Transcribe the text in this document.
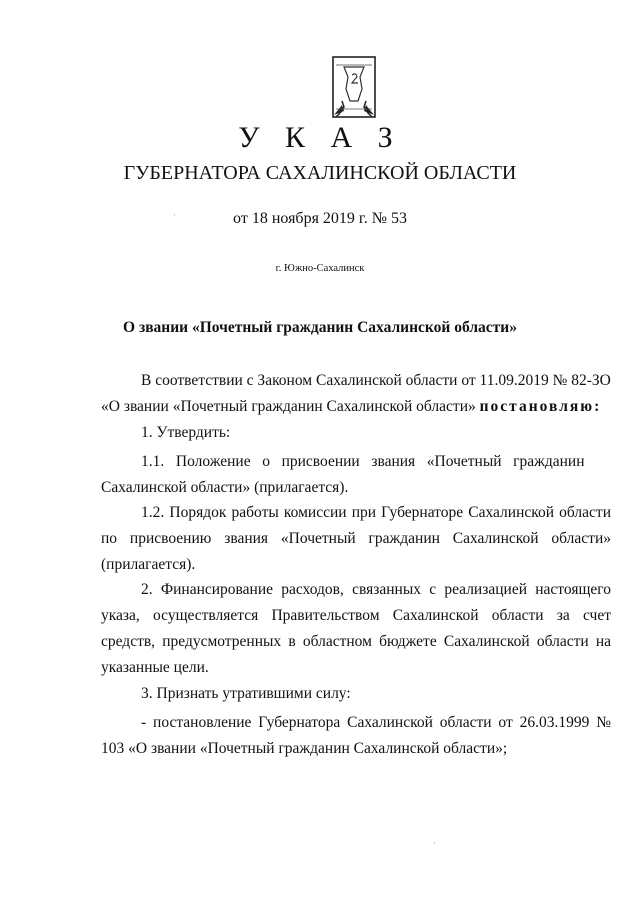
У К А З
ГУБЕРНАТОРА САХАЛИНСКОЙ ОБЛАСТИ
от 18 ноября 2019 г. № 53
г. Южно-Сахалинск
О звании «Почетный гражданин Сахалинской области»
В соответствии с Законом Сахалинской области от 11.09.2019 № 82-ЗО
«О звании «Почетный гражданин Сахалинской области» постановляю:
1. Утвердить:
1.1.   Положение   о   присвоении   звания   «Почетный   гражданин
Сахалинской области» (прилагается).

1.2. Порядок работы комиссии при Губернаторе Сахалинской области по присвоению звания «Почетный гражданин Сахалинской области» (прилагается).

2. Финансирование расходов, связанных с реализацией настоящего указа, осуществляется Правительством Сахалинской области за счет средств, предусмотренных в областном бюджете Сахалинской области на указанные цели.

3. Признать утратившими силу:

- постановление Губернатора Сахалинской области от 26.03.1999 № 103 «О звании «Почетный гражданин Сахалинской области»;

·
·
